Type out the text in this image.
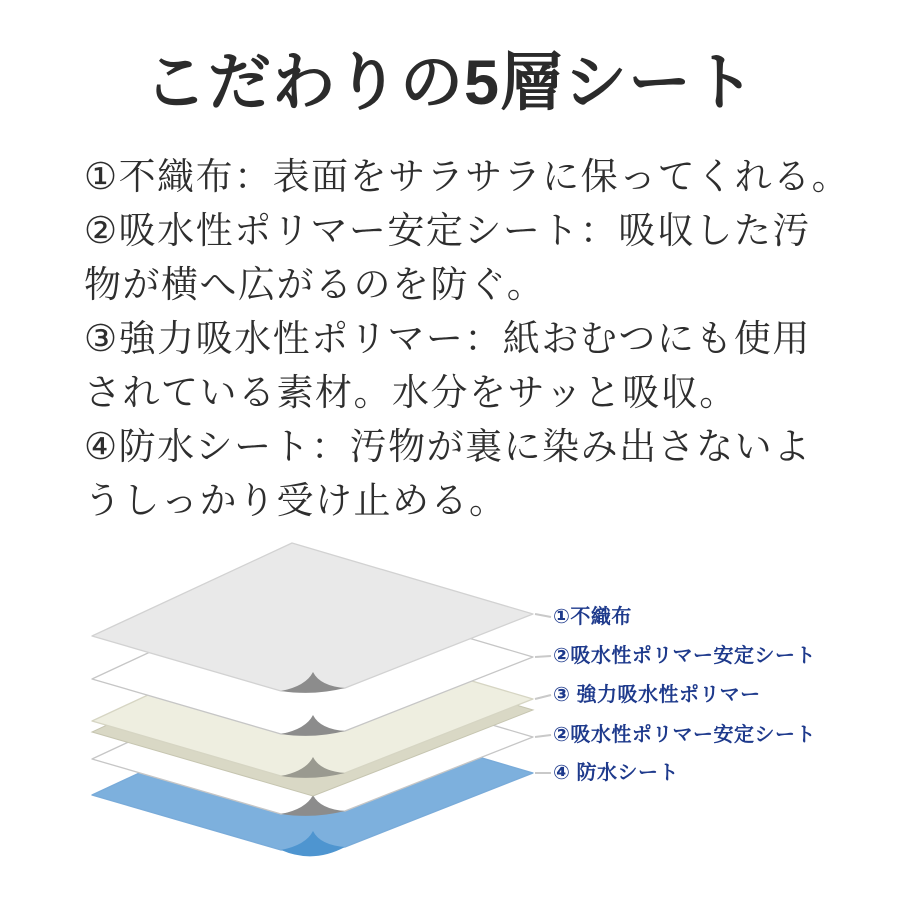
こだわりの5層シート
①不織布：表面をサラサラに保ってくれる。
②吸水性ポリマー安定シート：吸収した汚
物が横へ広がるのを防ぐ。
③強力吸水性ポリマー：紙おむつにも使用
されている素材。水分をサッと吸収。
④防水シート：汚物が裏に染み出さないよ
うしっかり受け止める。
①不織布
②吸水性ポリマー安定シート
③ 強力吸水性ポリマー
②吸水性ポリマー安定シート
④ 防水シート
